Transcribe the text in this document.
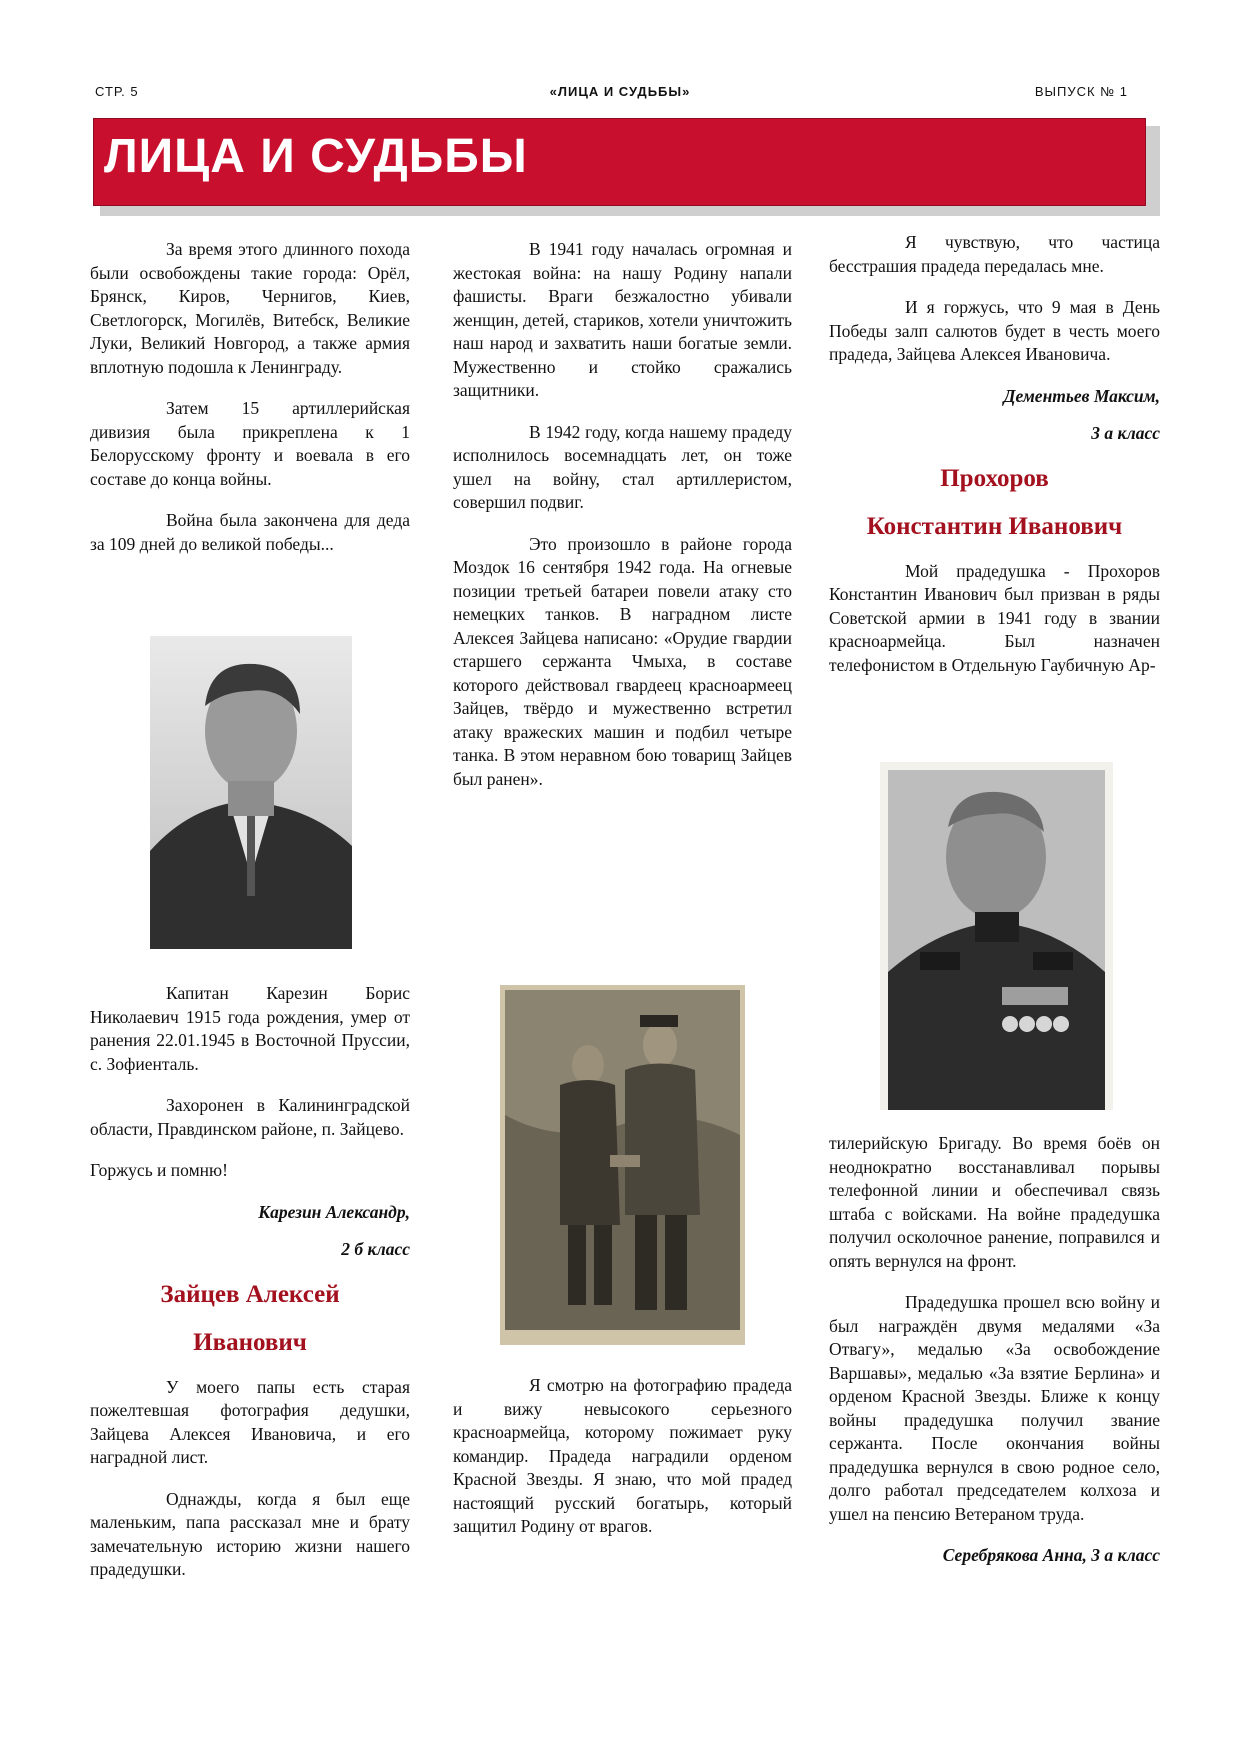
СТР. 5	«ЛИЦА И СУДЬБЫ»	ВЫПУСК № 1
ЛИЦА И СУДЬБЫ

За время этого длинного похода были освобождены такие города: Орёл, Брянск, Киров, Чернигов, Киев, Светлогорск, Могилёв, Витебск, Великие Луки, Великий Новгород, а также армия вплотную подошла к Ленинграду.

Затем 15 артиллерийская дивизия была прикреплена к 1 Белорусскому фронту и воевала в его составе до конца войны.

Война была закончена для деда за 109 дней до великой победы...

Капитан Карезин Борис Николаевич 1915 года рождения, умер от ранения 22.01.1945 в Восточной Пруссии, с. Зофиенталь.

Захоронен в Калининградской области, Правдинском районе, п. Зайцево.

Горжусь и помню!

Карезин Александр,

2 б класс

Зайцев Алексей
Иванович

У моего папы есть старая пожелтевшая фотография дедушки, Зайцева Алексея Ивановича, и его наградной лист.

Однажды, когда я был еще маленьким, папа рассказал мне и брату замечательную историю жизни нашего прадедушки.

В 1941 году началась огромная и жестокая война: на нашу Родину напали фашисты. Враги безжалостно убивали женщин, детей, стариков, хотели уничтожить наш народ и захватить наши богатые земли. Мужественно и стойко сражались защитники.

В 1942 году, когда нашему прадеду исполнилось восемнадцать лет, он тоже ушел на войну, стал артиллеристом, совершил подвиг.

Это произошло в районе города Моздок 16 сентября 1942 года. На огневые позиции третьей батареи повели атаку сто немецких танков. В наградном листе Алексея Зайцева написано: «Орудие гвардии старшего сержанта Чмыха, в составе которого действовал гвардеец красноармеец Зайцев, твёрдо и мужественно встретил атаку вражеских машин и подбил четыре танка. В этом неравном бою товарищ Зайцев был ранен».

Я смотрю на фотографию прадеда и вижу невысокого серьезного красноармейца, которому пожимает руку командир. Прадеда наградили орденом Красной Звезды. Я знаю, что мой прадед настоящий русский богатырь, который защитил Родину от врагов.

Я чувствую, что частица бесстрашия прадеда передалась мне.

И я горжусь, что 9 мая в День Победы залп салютов будет в честь моего прадеда, Зайцева Алексея Ивановича.

Дементьев Максим,

3 а класс

Прохоров
Константин Иванович

Мой прадедушка - Прохоров Константин Иванович был призван в ряды Советской армии в 1941 году в звании красноармейца. Был назначен телефонистом в Отдельную Гаубичную Ар-

тилерийскую Бригаду. Во время боёв он неоднократно восстанавливал порывы телефонной линии и обеспечивал связь штаба с войсками. На войне прадедушка получил осколочное ранение, поправился и опять вернулся на фронт.

Прадедушка прошел всю войну и был награждён двумя медалями «За Отвагу», медалью «За освобождение Варшавы», медалью «За взятие Берлина» и орденом Красной Звезды. Ближе к концу войны прадедушка получил звание сержанта. После окончания войны прадедушка вернулся в свою родное село, долго работал председателем колхоза и ушел на пенсию Ветераном труда.

Серебрякова Анна, 3 а класс
